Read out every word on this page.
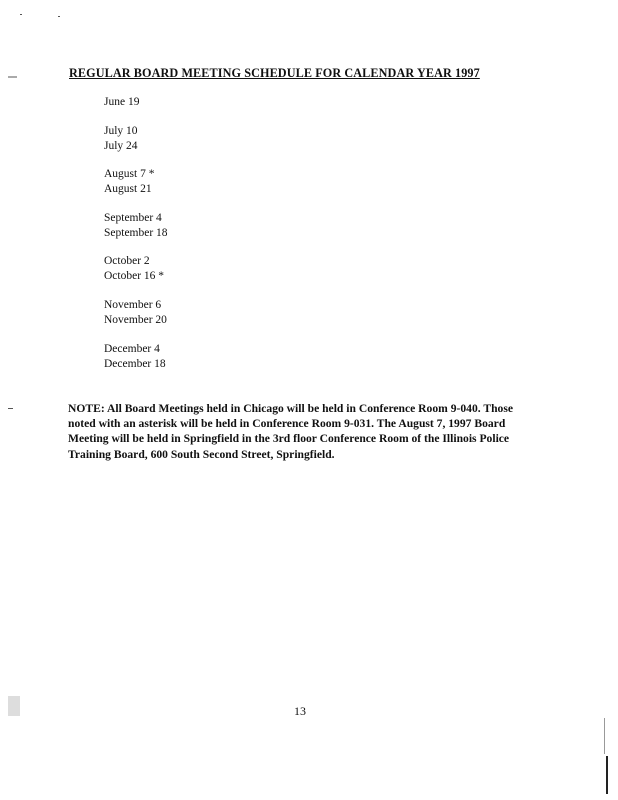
REGULAR BOARD MEETING SCHEDULE FOR CALENDAR YEAR 1997
June 19
July 10
July 24
August 7 *
August 21
September 4
September 18
October 2
October 16 *
November 6
November 20
December 4
December 18

NOTE: All Board Meetings held in Chicago will be held in Conference Room 9-040. Those

noted with an asterisk will be held in Conference Room 9-031. The August 7, 1997 Board

Meeting will be held in Springfield in the 3rd floor Conference Room of the Illinois Police

Training Board, 600 South Second Street, Springfield.

13
